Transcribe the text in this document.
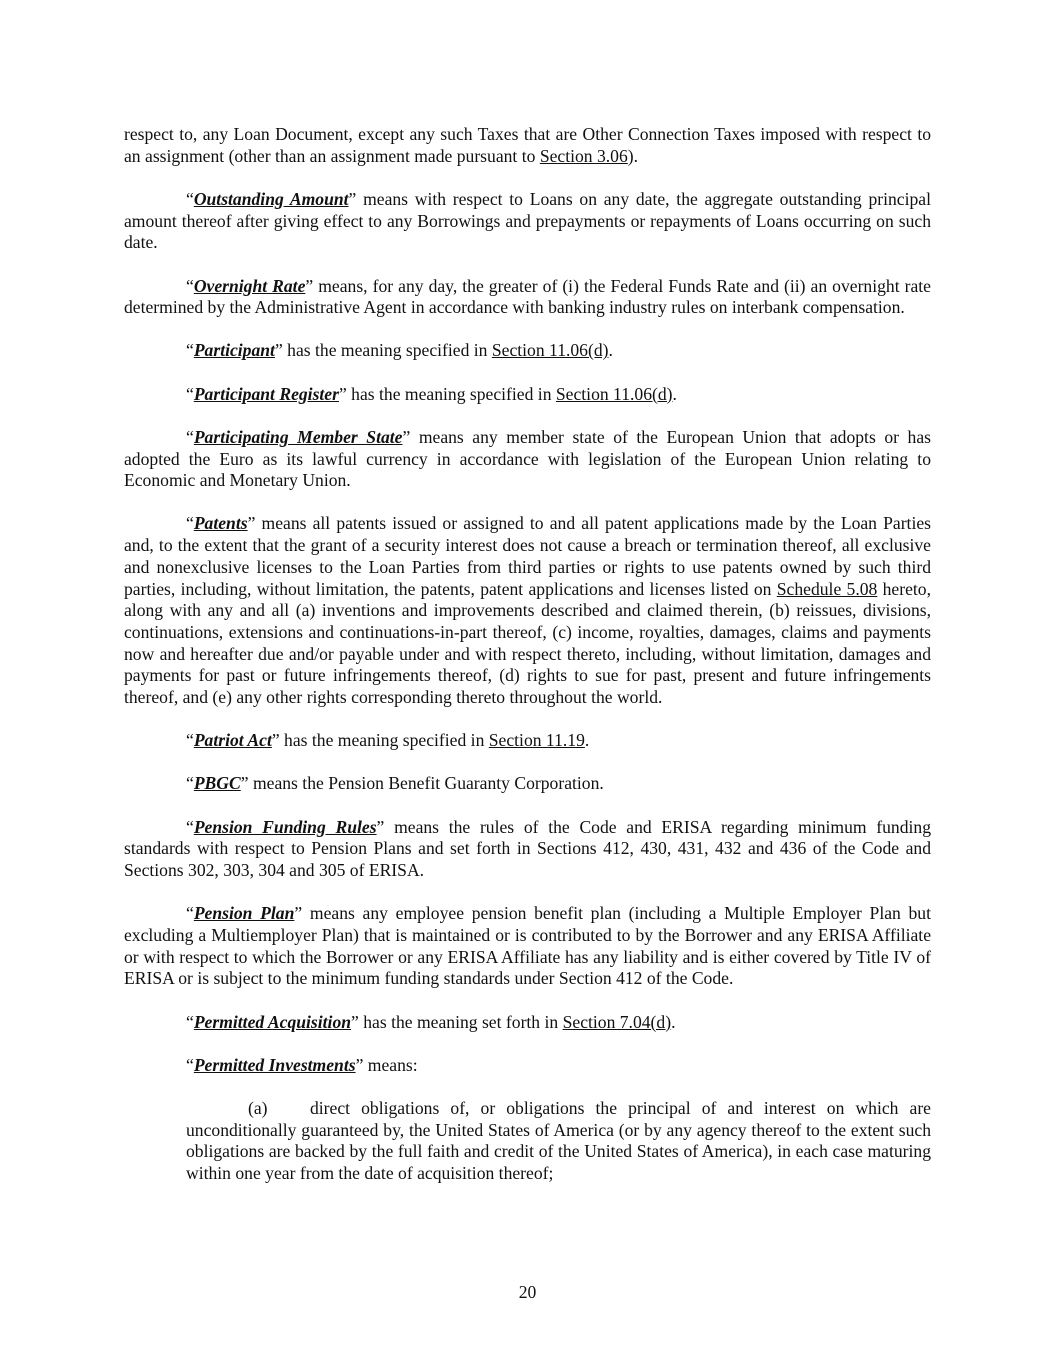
respect to, any Loan Document, except any such Taxes that are Other Connection Taxes imposed with respect to an assignment (other than an assignment made pursuant to Section 3.06).

“Outstanding Amount” means with respect to Loans on any date, the aggregate outstanding principal amount thereof after giving effect to any Borrowings and prepayments or repayments of Loans occurring on such date.

“Overnight Rate” means, for any day, the greater of (i) the Federal Funds Rate and (ii) an overnight rate determined by the Administrative Agent in accordance with banking industry rules on interbank compensation.

“Participant” has the meaning specified in Section 11.06(d).

“Participant Register” has the meaning specified in Section 11.06(d).

“Participating Member State” means any member state of the European Union that adopts or has adopted the Euro as its lawful currency in accordance with legislation of the European Union relating to Economic and Monetary Union.

“Patents” means all patents issued or assigned to and all patent applications made by the Loan Parties and, to the extent that the grant of a security interest does not cause a breach or termination thereof, all exclusive and nonexclusive licenses to the Loan Parties from third parties or rights to use patents owned by such third parties, including, without limitation, the patents, patent applications and licenses listed on Schedule 5.08 hereto, along with any and all (a) inventions and improvements described and claimed therein, (b) reissues, divisions, continuations, extensions and continuations-in-part thereof, (c) income, royalties, damages, claims and payments now and hereafter due and/or payable under and with respect thereto, including, without limitation, damages and payments for past or future infringements thereof, (d) rights to sue for past, present and future infringements thereof, and (e) any other rights corresponding thereto throughout the world.

“Patriot Act” has the meaning specified in Section 11.19.

“PBGC” means the Pension Benefit Guaranty Corporation.

“Pension Funding Rules” means the rules of the Code and ERISA regarding minimum funding standards with respect to Pension Plans and set forth in Sections 412, 430, 431, 432 and 436 of the Code and Sections 302, 303, 304 and 305 of ERISA.

“Pension Plan” means any employee pension benefit plan (including a Multiple Employer Plan but excluding a Multiemployer Plan) that is maintained or is contributed to by the Borrower and any ERISA Affiliate or with respect to which the Borrower or any ERISA Affiliate has any liability and is either covered by Title IV of ERISA or is subject to the minimum funding standards under Section 412 of the Code.

“Permitted Acquisition” has the meaning set forth in Section 7.04(d).

“Permitted Investments” means:

(a) direct obligations of, or obligations the principal of and interest on which are unconditionally guaranteed by, the United States of America (or by any agency thereof to the extent such obligations are backed by the full faith and credit of the United States of America), in each case maturing within one year from the date of acquisition thereof;

20
